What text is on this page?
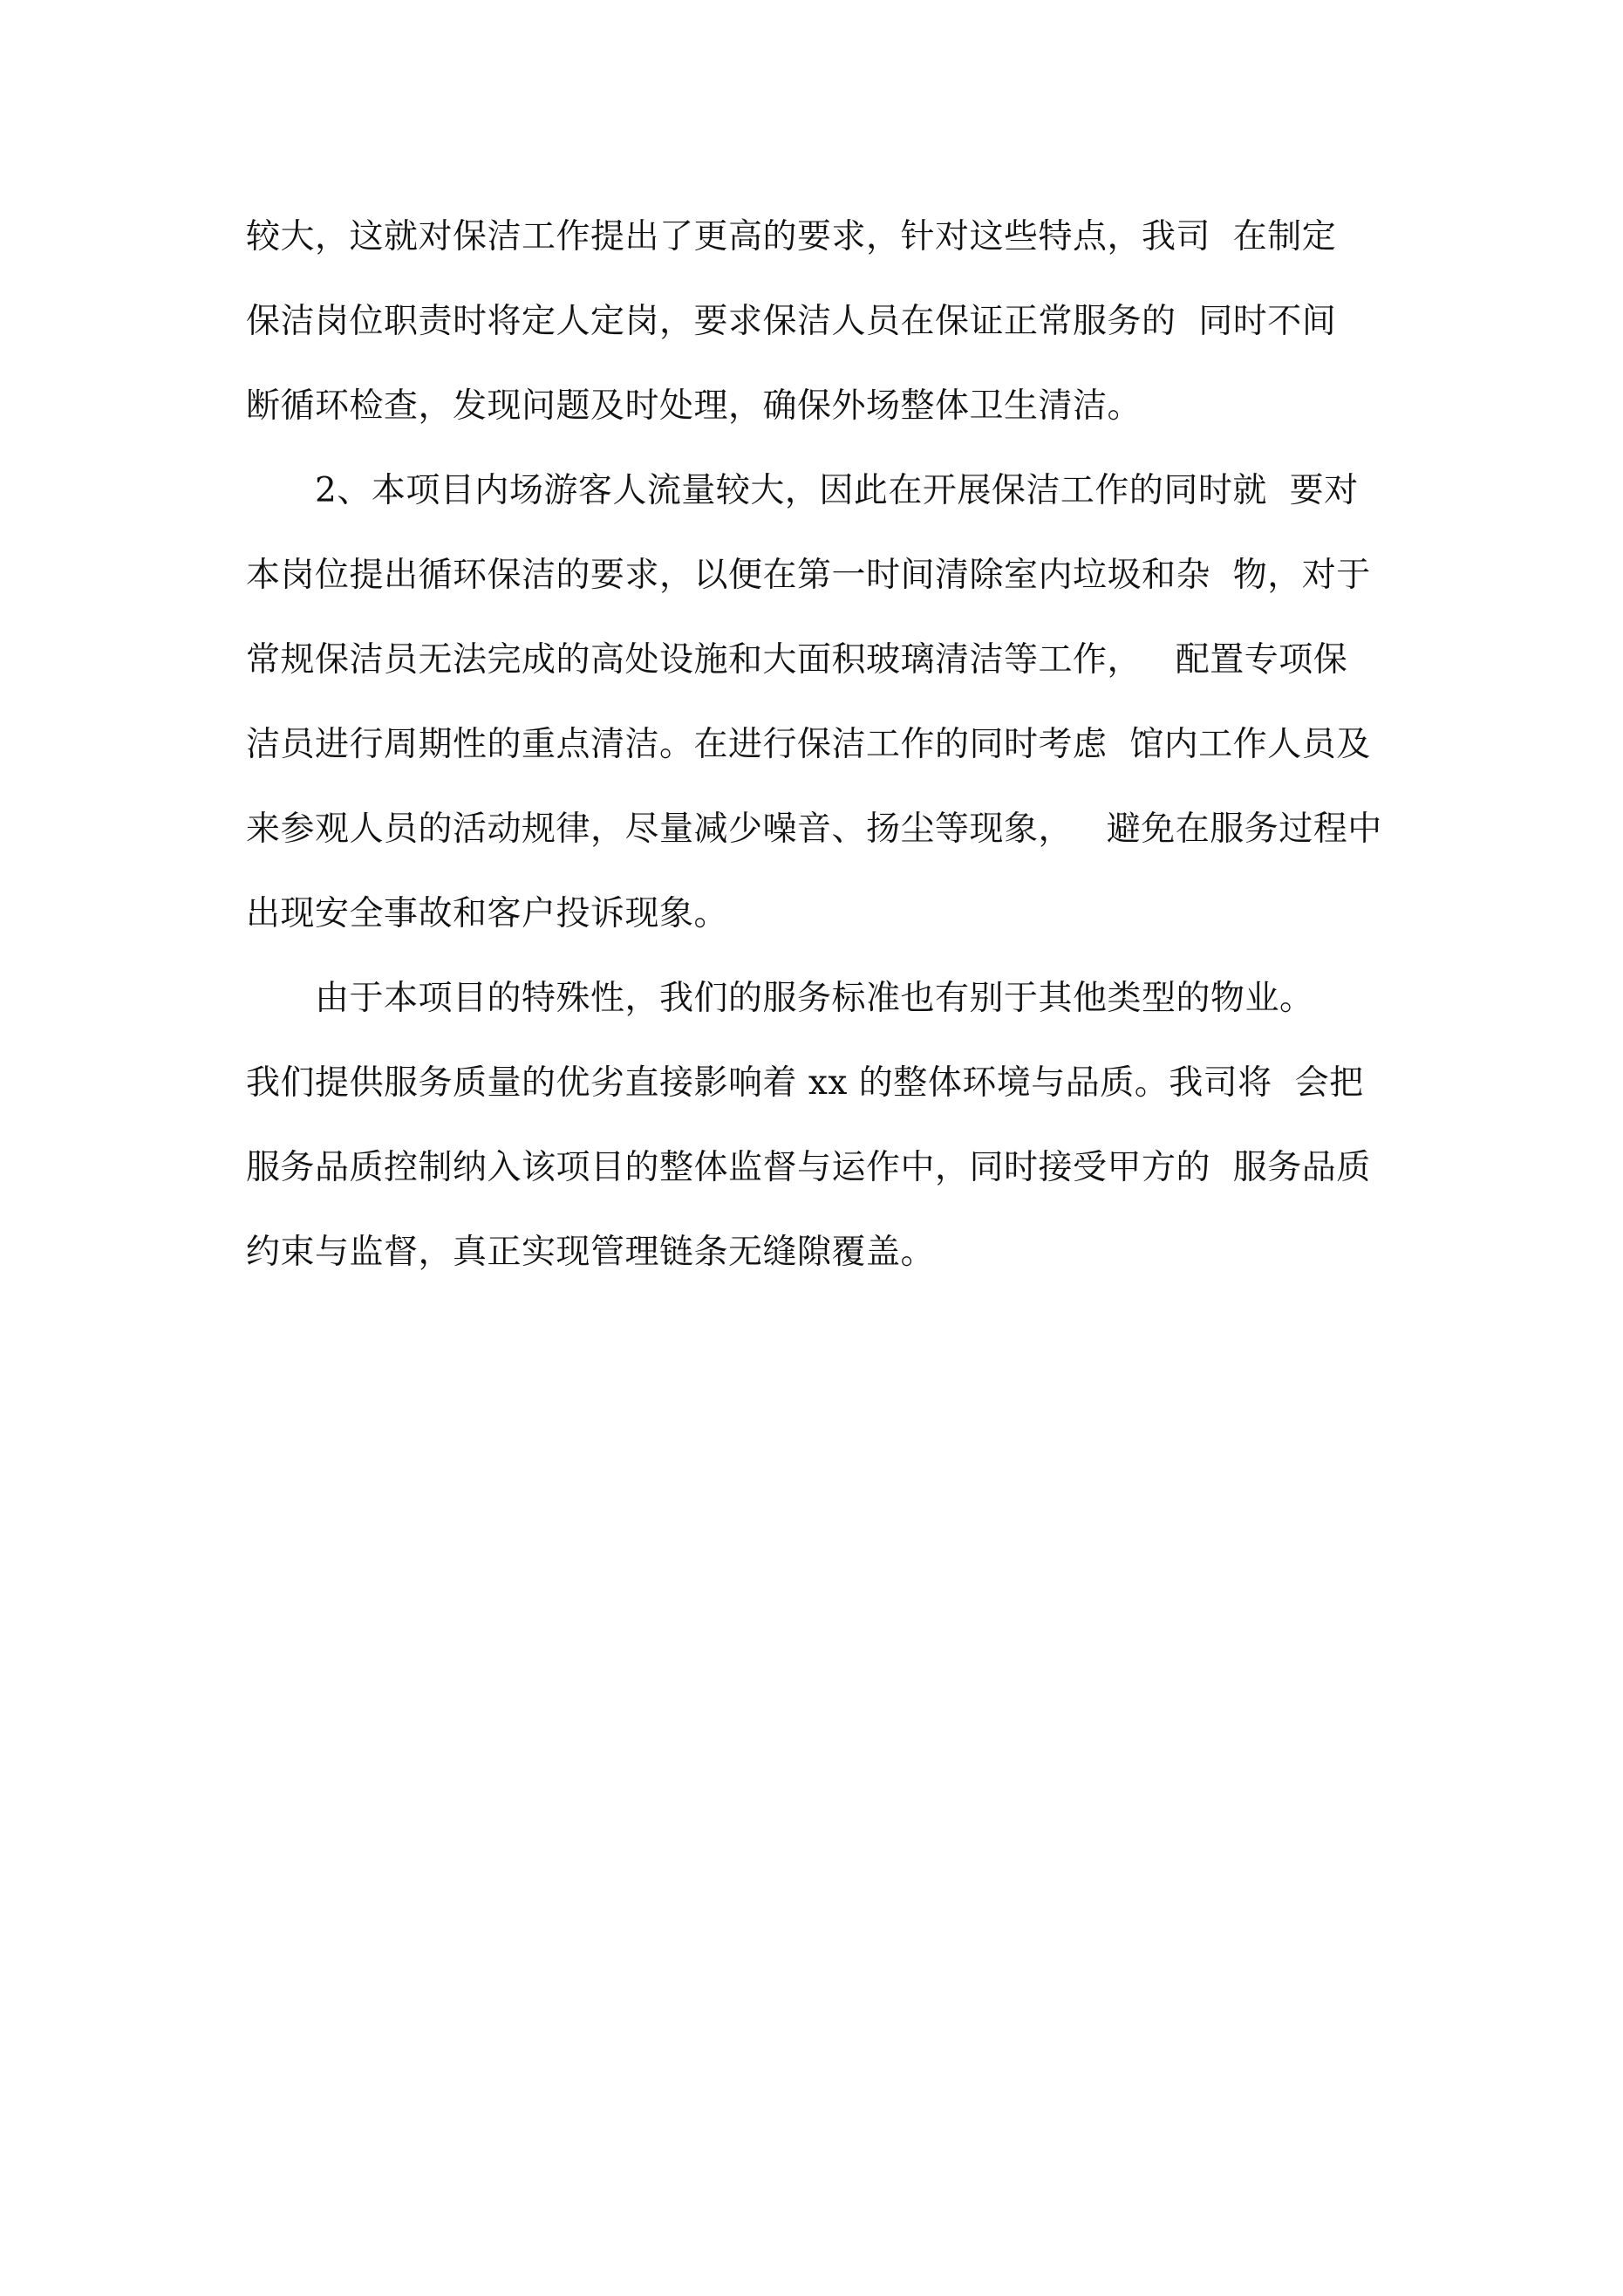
较大，这就对保洁工作提出了更高的要求，针对这些特点，我司  在制定
保洁岗位职责时将定人定岗，要求保洁人员在保证正常服务的  同时不间
断循环检查，发现问题及时处理，确保外场整体卫生清洁。
　　2、本项目内场游客人流量较大，因此在开展保洁工作的同时就  要对
本岗位提出循环保洁的要求，以便在第一时间清除室内垃圾和杂  物，对于
常规保洁员无法完成的高处设施和大面积玻璃清洁等工作，   配置专项保
洁员进行周期性的重点清洁。在进行保洁工作的同时考虑  馆内工作人员及
来参观人员的活动规律，尽量减少噪音、扬尘等现象，   避免在服务过程中
出现安全事故和客户投诉现象。
　　由于本项目的特殊性，我们的服务标准也有别于其他类型的物业。
我们提供服务质量的优劣直接影响着 xx 的整体环境与品质。我司将  会把
服务品质控制纳入该项目的整体监督与运作中，同时接受甲方的  服务品质
约束与监督，真正实现管理链条无缝隙覆盖。
